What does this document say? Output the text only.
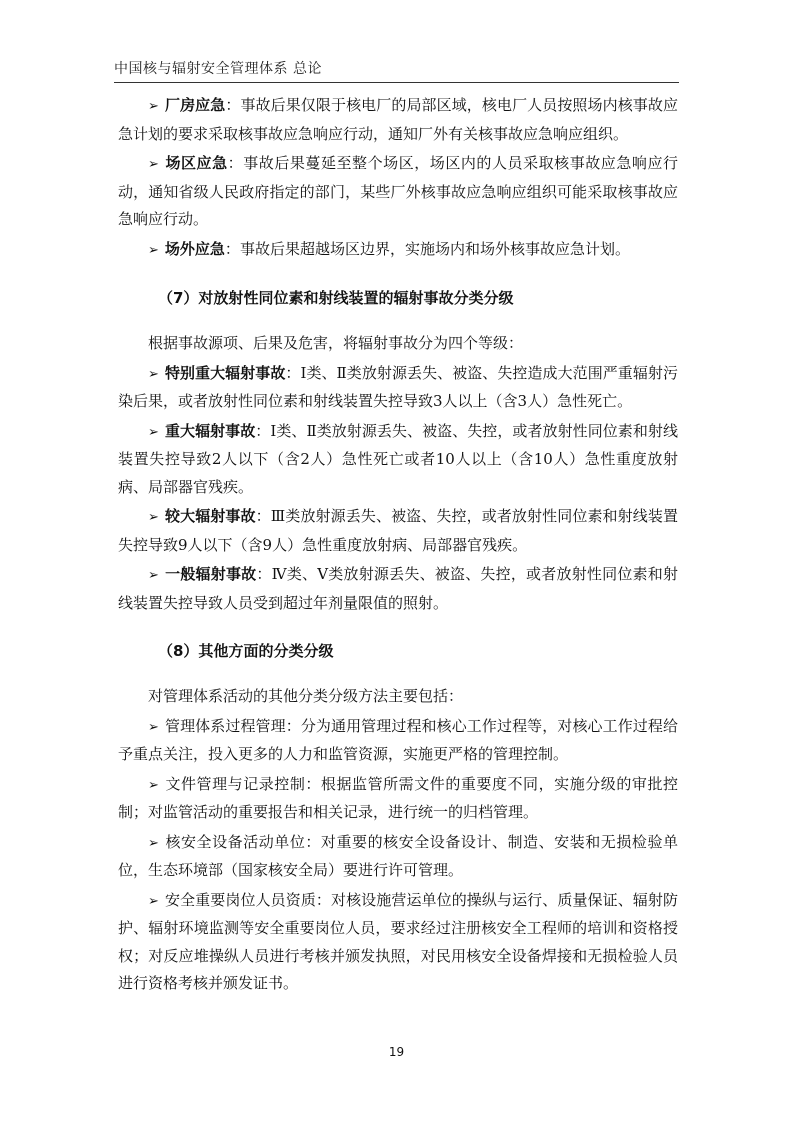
中国核与辐射安全管理体系 总论

➢ 厂房应急：事故后果仅限于核电厂的局部区域，核电厂人员按照场内核事故应急计划的要求采取核事故应急响应行动，通知厂外有关核事故应急响应组织。

➢ 场区应急：事故后果蔓延至整个场区，场区内的人员采取核事故应急响应行动，通知省级人民政府指定的部门，某些厂外核事故应急响应组织可能采取核事故应急响应行动。

➢ 场外应急：事故后果超越场区边界，实施场内和场外核事故应急计划。

（7）对放射性同位素和射线装置的辐射事故分类分级

根据事故源项、后果及危害，将辐射事故分为四个等级：

➢ 特别重大辐射事故：Ⅰ类、Ⅱ类放射源丢失、被盗、失控造成大范围严重辐射污染后果，或者放射性同位素和射线装置失控导致3人以上（含3人）急性死亡。

➢ 重大辐射事故：Ⅰ类、Ⅱ类放射源丢失、被盗、失控，或者放射性同位素和射线装置失控导致2人以下（含2人）急性死亡或者10人以上（含10人）急性重度放射病、局部器官残疾。

➢ 较大辐射事故：Ⅲ类放射源丢失、被盗、失控，或者放射性同位素和射线装置失控导致9人以下（含9人）急性重度放射病、局部器官残疾。

➢ 一般辐射事故：Ⅳ类、Ⅴ类放射源丢失、被盗、失控，或者放射性同位素和射线装置失控导致人员受到超过年剂量限值的照射。

（8）其他方面的分类分级

对管理体系活动的其他分类分级方法主要包括：

➢ 管理体系过程管理：分为通用管理过程和核心工作过程等，对核心工作过程给予重点关注，投入更多的人力和监管资源，实施更严格的管理控制。

➢ 文件管理与记录控制：根据监管所需文件的重要度不同，实施分级的审批控制；对监管活动的重要报告和相关记录，进行统一的归档管理。

➢ 核安全设备活动单位：对重要的核安全设备设计、制造、安装和无损检验单位，生态环境部（国家核安全局）要进行许可管理。

➢ 安全重要岗位人员资质：对核设施营运单位的操纵与运行、质量保证、辐射防护、辐射环境监测等安全重要岗位人员，要求经过注册核安全工程师的培训和资格授权；对反应堆操纵人员进行考核并颁发执照，对民用核安全设备焊接和无损检验人员进行资格考核并颁发证书。

19
